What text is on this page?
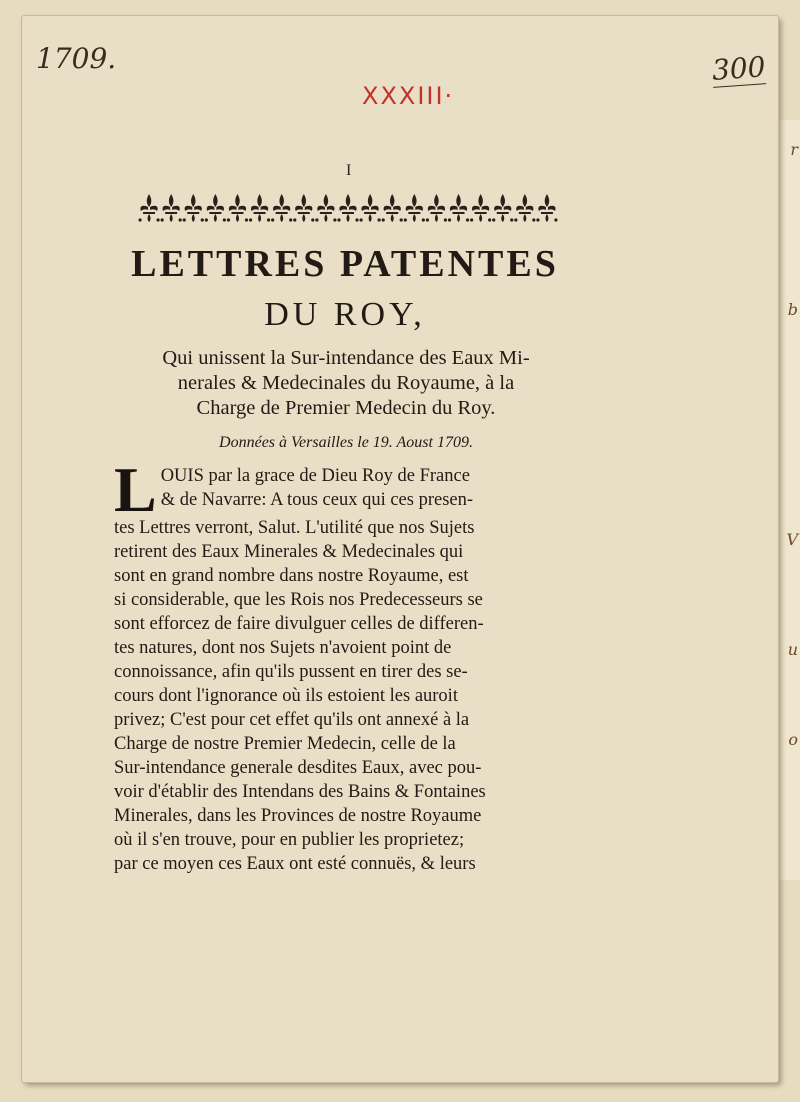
r
b
V
u
o
1709.	300
XXXIII·
I
LETTRES PATENTES
DU ROY,
Qui unissent la Sur-intendance des Eaux Mi-
nerales & Medecinales du Royaume, à la
Charge de Premier Medecin du Roy.
Données à Versailles le 19. Aoust 1709.
L OUIS par la grace de Dieu Roy de France
& de Navarre: A tous ceux qui ces presen-
tes Lettres verront, Salut. L'utilité que nos Sujets
retirent des Eaux Minerales & Medecinales qui
sont en grand nombre dans nostre Royaume, est
si considerable, que les Rois nos Predecesseurs se
sont efforcez de faire divulguer celles de differen-
tes natures, dont nos Sujets n'avoient point de
connoissance, afin qu'ils pussent en tirer des se-
cours dont l'ignorance où ils estoient les auroit
privez; C'est pour cet effet qu'ils ont annexé à la
Charge de nostre Premier Medecin, celle de la
Sur-intendance generale desdites Eaux, avec pou-
voir d'établir des Intendans des Bains & Fontaines
Minerales, dans les Provinces de nostre Royaume
où il s'en trouve, pour en publier les proprietez;
par ce moyen ces Eaux ont esté connuës, & leurs
